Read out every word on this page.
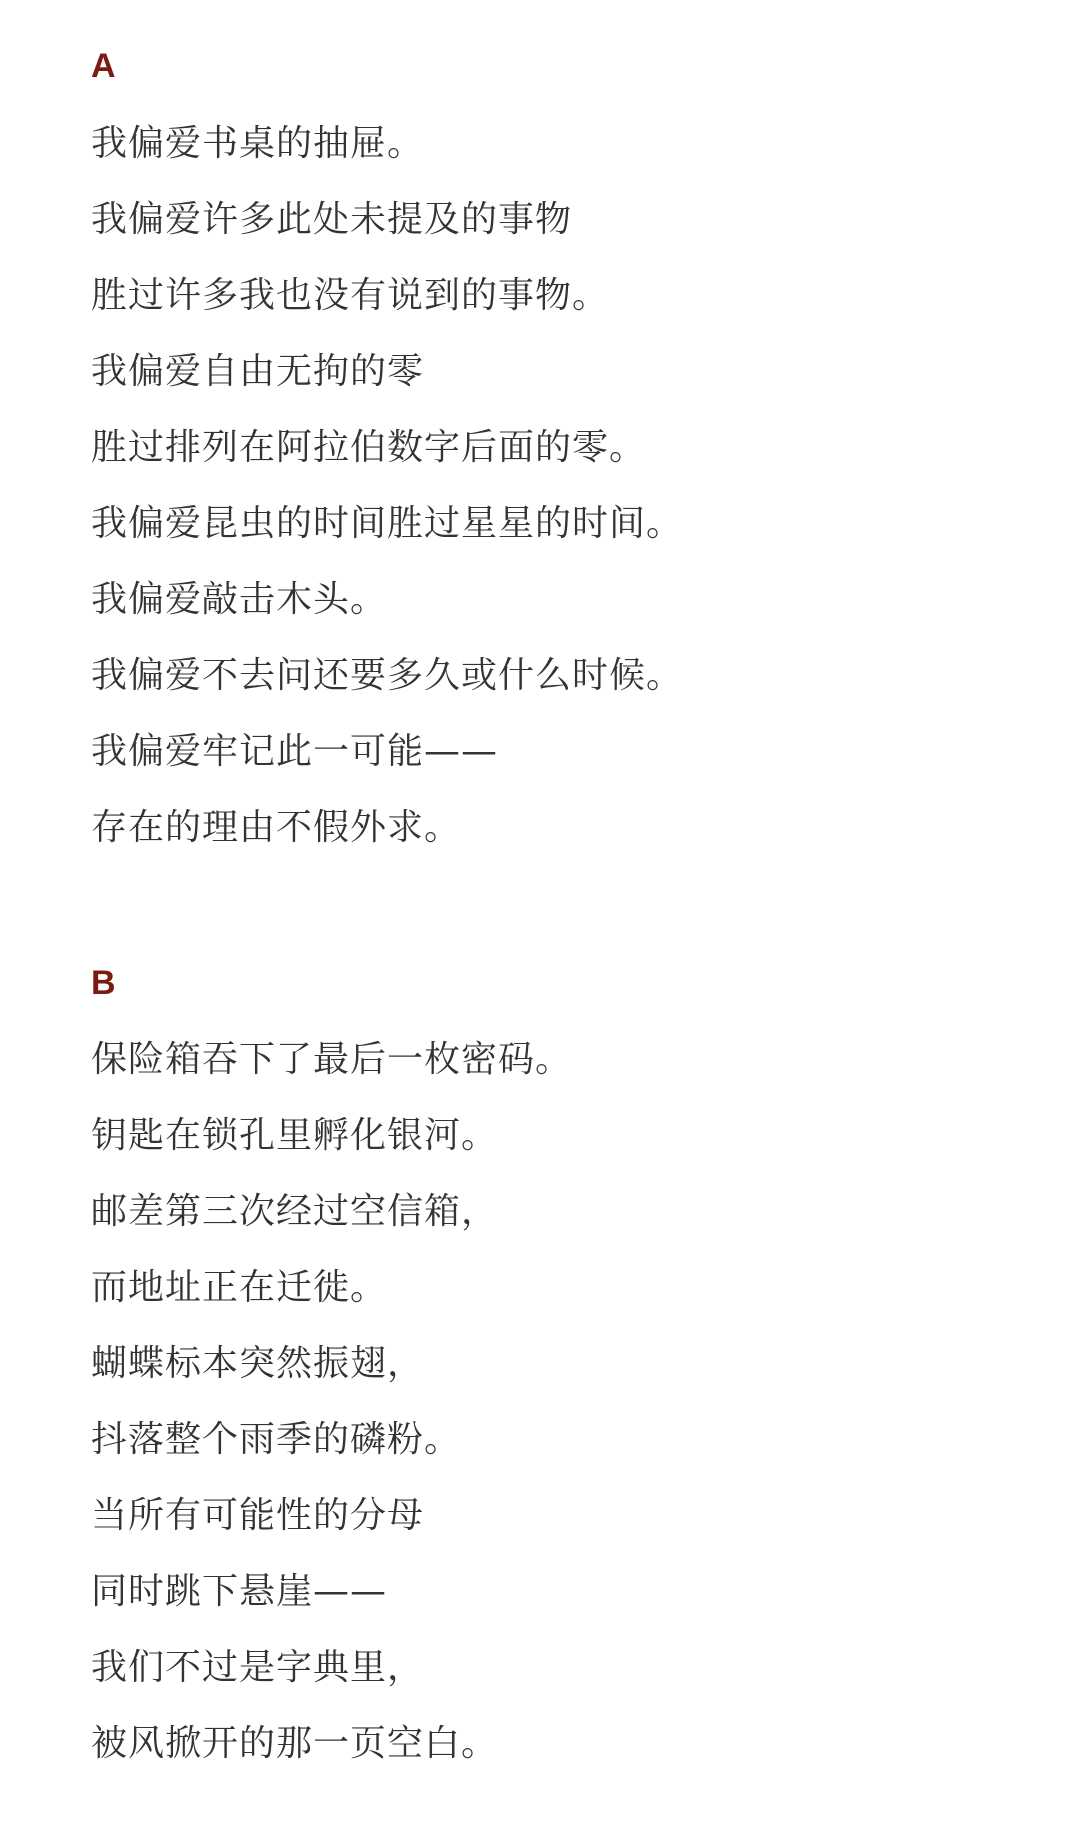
A
我偏爱书桌的抽屉。
我偏爱许多此处未提及的事物
胜过许多我也没有说到的事物。
我偏爱自由无拘的零
胜过排列在阿拉伯数字后面的零。
我偏爱昆虫的时间胜过星星的时间。
我偏爱敲击木头。
我偏爱不去问还要多久或什么时候。
我偏爱牢记此一可能——
存在的理由不假外求。
B
保险箱吞下了最后一枚密码。
钥匙在锁孔里孵化银河。
邮差第三次经过空信箱，
而地址正在迁徙。
蝴蝶标本突然振翅，
抖落整个雨季的磷粉。
当所有可能性的分母
同时跳下悬崖——
我们不过是字典里，
被风掀开的那一页空白。
